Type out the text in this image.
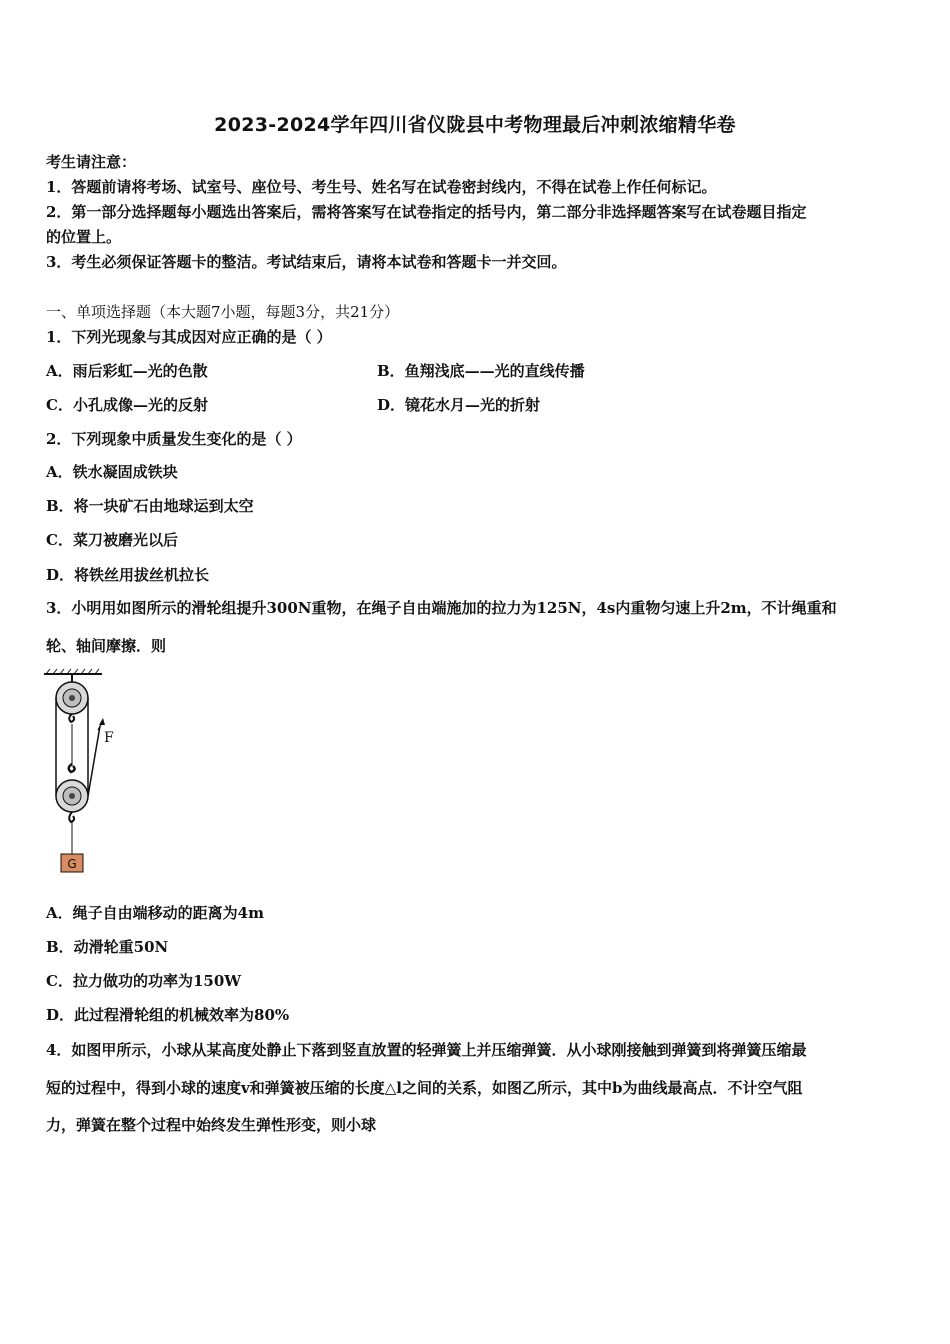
2023-2024学年四川省仪陇县中考物理最后冲刺浓缩精华卷
考生请注意：
1．答题前请将考场、试室号、座位号、考生号、姓名写在试卷密封线内，不得在试卷上作任何标记。
2．第一部分选择题每小题选出答案后，需将答案写在试卷指定的括号内，第二部分非选择题答案写在试卷题目指定
的位置上。
3．考生必须保证答题卡的整洁。考试结束后，请将本试卷和答题卡一并交回。
一、单项选择题（本大题7小题，每题3分，共21分）
1．下列光现象与其成因对应正确的是（ ）
A．雨后彩虹—光的色散	B．鱼翔浅底——光的直线传播
C．小孔成像—光的反射	D．镜花水月—光的折射
2．下列现象中质量发生变化的是（ ）
A．铁水凝固成铁块
B．将一块矿石由地球运到太空
C．菜刀被磨光以后
D．将铁丝用拔丝机拉长
3．小明用如图所示的滑轮组提升300N重物，在绳子自由端施加的拉力为125N，4s内重物匀速上升2m，不计绳重和
轮、轴间摩擦．则
F
G
A．绳子自由端移动的距离为4m
B．动滑轮重50N
C．拉力做功的功率为150W
D．此过程滑轮组的机械效率为80%
4．如图甲所示，小球从某高度处静止下落到竖直放置的轻弹簧上并压缩弹簧．从小球刚接触到弹簧到将弹簧压缩最
短的过程中，得到小球的速度v和弹簧被压缩的长度△l之间的关系，如图乙所示，其中b为曲线最高点．不计空气阻
力，弹簧在整个过程中始终发生弹性形变，则小球
